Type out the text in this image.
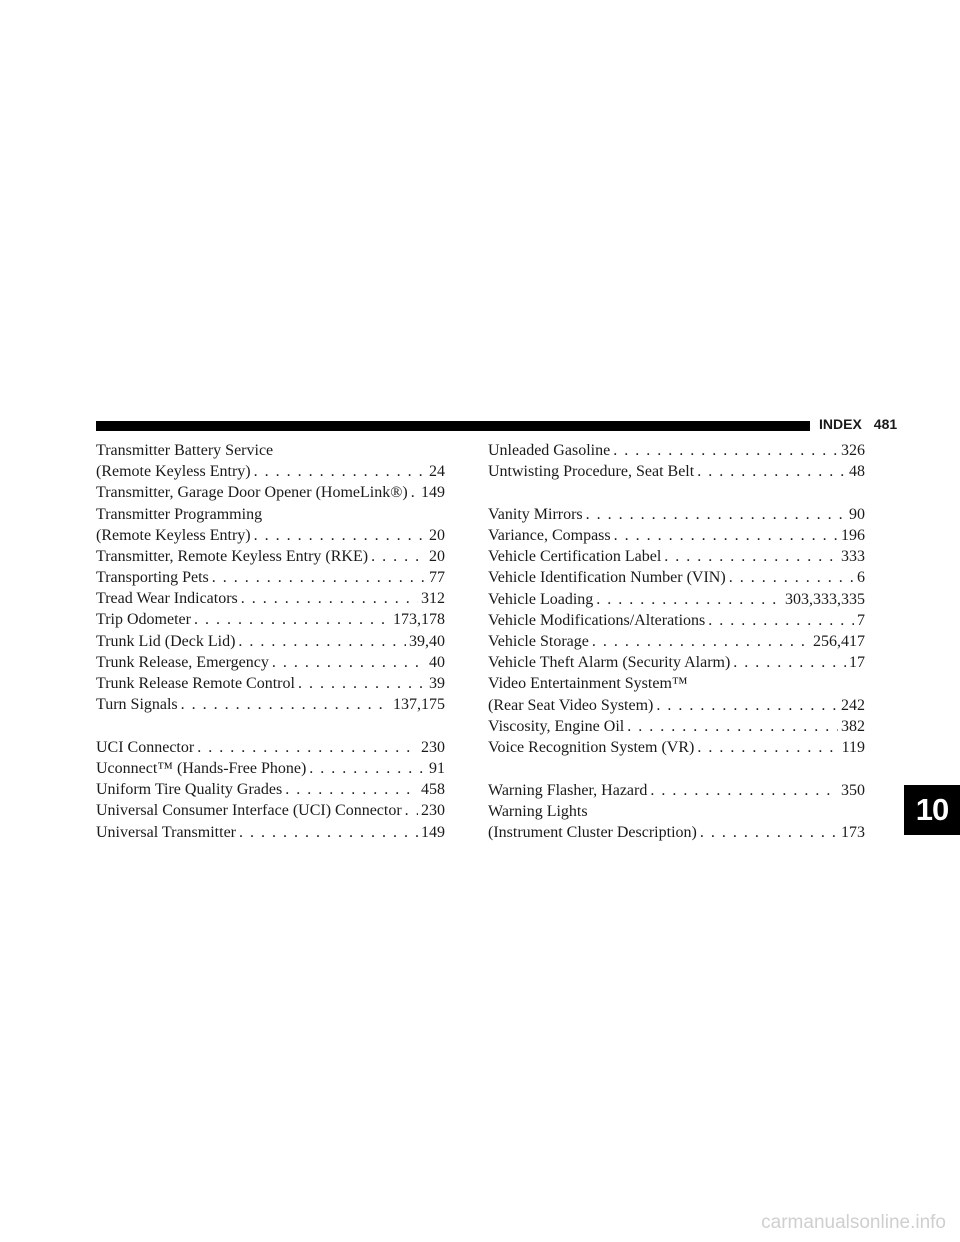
INDEX 481
Transmitter Battery Service
(Remote Keyless Entry) . . .	24
Transmitter, Garage Door Opener (HomeLink®) . . . 149
Transmitter Programming
(Remote Keyless Entry) . . .	20
Transmitter, Remote Keyless Entry (RKE) . . .	20
Transporting Pets . . .	77
Tread Wear Indicators . . .	312
Trip Odometer . . .	173,178
Trunk Lid (Deck Lid) . . .	39,40
Trunk Release, Emergency . . .	40
Trunk Release Remote Control . . .	39
Turn Signals . . .	137,175
UCI Connector . . .	230
Uconnect™ (Hands-Free Phone) . . .	91
Uniform Tire Quality Grades . . .	458
Universal Consumer Interface (UCI) Connector . . . 230
Universal Transmitter . . .	149
Unleaded Gasoline . . .	326
Untwisting Procedure, Seat Belt . . .	48
Vanity Mirrors . . .	90
Variance, Compass . . .	196
Vehicle Certification Label . . .	333
Vehicle Identification Number (VIN) . . .	6
Vehicle Loading . . .	303,333,335
Vehicle Modifications/Alterations . . .	7
Vehicle Storage . . .	256,417
Vehicle Theft Alarm (Security Alarm) . . .	17
Video Entertainment System™
(Rear Seat Video System) . . .	242
Viscosity, Engine Oil . . .	382
Voice Recognition System (VR) . . .	119
Warning Flasher, Hazard . . .	350
Warning Lights
(Instrument Cluster Description) . . .	173
10
carmanualsonline.info
